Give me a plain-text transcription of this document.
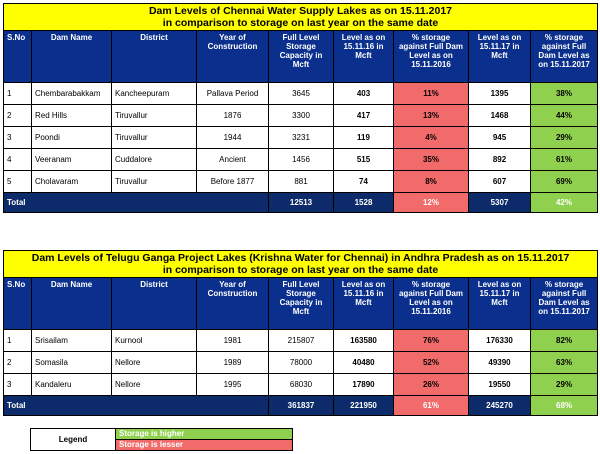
Dam Levels of Chennai Water Supply Lakes as on 15.11.2017
in comparison to storage on last year on the same date								

S.No	Dam Name	District	Year of Construction	Full Level Storage Capacity in Mcft	Level as on 15.11.16 in Mcft	% storage against Full Dam Level as on 15.11.2016	Level as on 15.11.17 in Mcft	% storage against Full Dam Level as on 15.11.2017
1	Chembarabakkam	Kancheepuram	Pallava Period	3645	403	11%	1395	38%
2	Red Hills	Tiruvallur	1876	3300	417	13%	1468	44%
3	Poondi	Tiruvallur	1944	3231	119	4%	945	29%
4	Veeranam	Cuddalore	Ancient	1456	515	35%	892	61%
5	Cholavaram	Tiruvallur	Before 1877	881	74	8%	607	69%
Total				12513	1528	12%	5307	42%
Dam Levels of Telugu Ganga Project Lakes (Krishna Water for Chennai) in Andhra Pradesh as on 15.11.2017
in comparison to storage on last year on the same date								

S.No	Dam Name	District	Year of Construction	Full Level Storage Capacity in Mcft	Level as on 15.11.16 in Mcft	% storage against Full Dam Level as on 15.11.2016	Level as on 15.11.17 in Mcft	% storage against Full Dam Level as on 15.11.2017
1	Srisailam	Kurnool	1981	215807	163580	76%	176330	82%
2	Somasila	Nellore	1989	78000	40480	52%	49390	63%
3	Kandaleru	Nellore	1995	68030	17890	26%	19550	29%
Total				361837	221950	61%	245270	68%
Legend	Storage is higher
Storage is lesser
